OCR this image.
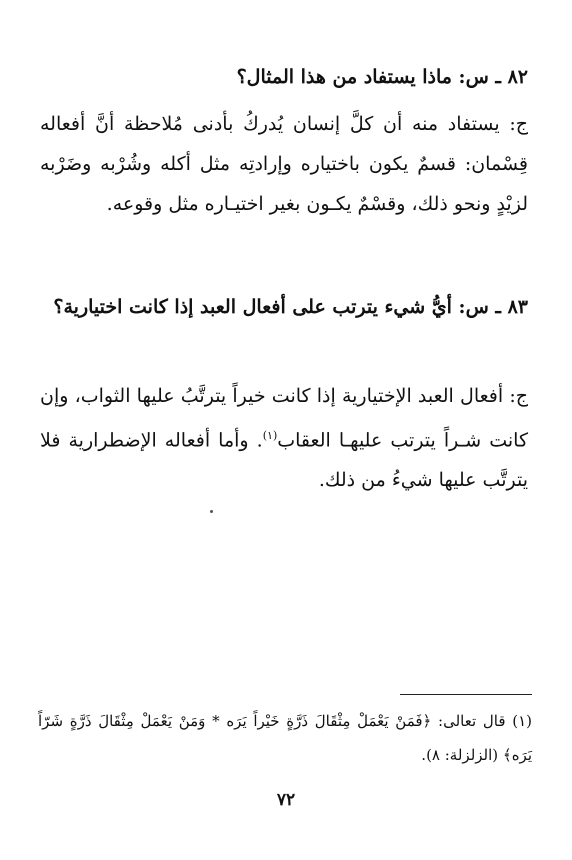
٨٢ ـ س: ماذا يستفاد من هذا المثال؟
ج: يستفاد منه أن كلَّ إنسان يُدركُ بأدنى مُلاحظة أنَّ أفعاله قِسْمان: قسمٌ يكون باختياره وإرادتِه مثل أكله وشُرْبه وضَرْبه لزيْدٍ ونحو ذلك، وقسْمٌ يكـون بغير اختيـاره مثل وقوعه.
٨٣ ـ س: أيُّ شيء يترتب على أفعال العبد إذا كانت اختيارية؟
ج: أفعال العبد الإختيارية إذا كانت خيراً يترتَّبُ عليها الثواب، وإن كانت شـراً يترتب عليهـا العقاب$^{(١)}$. وأما أفعاله الإضطرارية فلا يترتَّب عليها شيءُ من ذلك.
(١) قال تعالى: ﴿فَمَنْ يَعْمَلْ مِثْقَالَ ذَرَّةٍ خَيْراً يَرَه * وَمَنْ يَعْمَلْ مِثْقَالَ ذَرَّةٍ شَرّاً يَرَه﴾ (الزلزلة: ٨).
٧٢
